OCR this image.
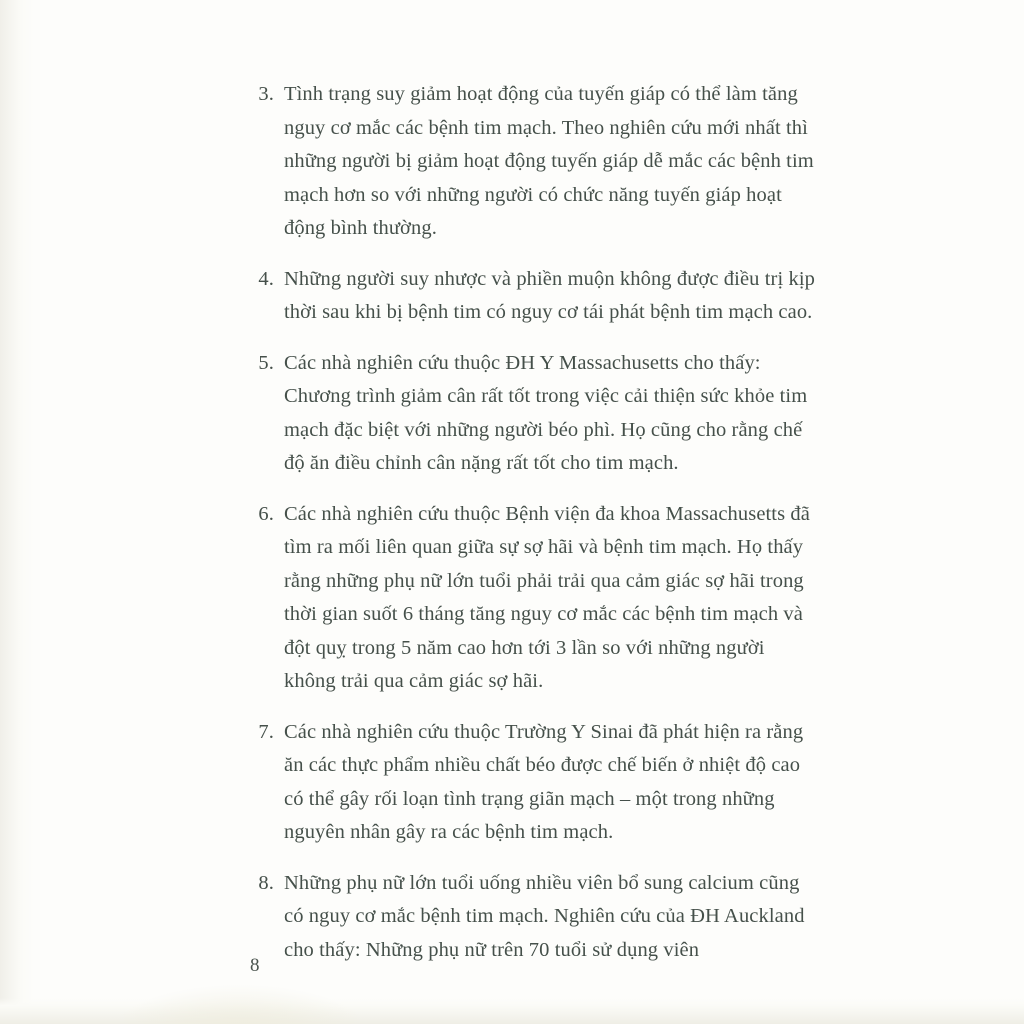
3. Tình trạng suy giảm hoạt động của tuyến giáp có thể làm tăng nguy cơ mắc các bệnh tim mạch. Theo nghiên cứu mới nhất thì những người bị giảm hoạt động tuyến giáp dễ mắc các bệnh tim mạch hơn so với những người có chức năng tuyến giáp hoạt động bình thường.
4. Những người suy nhược và phiền muộn không được điều trị kịp thời sau khi bị bệnh tim có nguy cơ tái phát bệnh tim mạch cao.
5. Các nhà nghiên cứu thuộc ĐH Y Massachusetts cho thấy: Chương trình giảm cân rất tốt trong việc cải thiện sức khỏe tim mạch đặc biệt với những người béo phì. Họ cũng cho rằng chế độ ăn điều chỉnh cân nặng rất tốt cho tim mạch.
6. Các nhà nghiên cứu thuộc Bệnh viện đa khoa Massachusetts đã tìm ra mối liên quan giữa sự sợ hãi và bệnh tim mạch. Họ thấy rằng những phụ nữ lớn tuổi phải trải qua cảm giác sợ hãi trong thời gian suốt 6 tháng tăng nguy cơ mắc các bệnh tim mạch và đột quỵ trong 5 năm cao hơn tới 3 lần so với những người không trải qua cảm giác sợ hãi.
7. Các nhà nghiên cứu thuộc Trường Y Sinai đã phát hiện ra rằng ăn các thực phẩm nhiều chất béo được chế biến ở nhiệt độ cao có thể gây rối loạn tình trạng giãn mạch – một trong những nguyên nhân gây ra các bệnh tim mạch.
8. Những phụ nữ lớn tuổi uống nhiều viên bổ sung calcium cũng có nguy cơ mắc bệnh tim mạch. Nghiên cứu của ĐH Auckland cho thấy: Những phụ nữ trên 70 tuổi sử dụng viên
8
